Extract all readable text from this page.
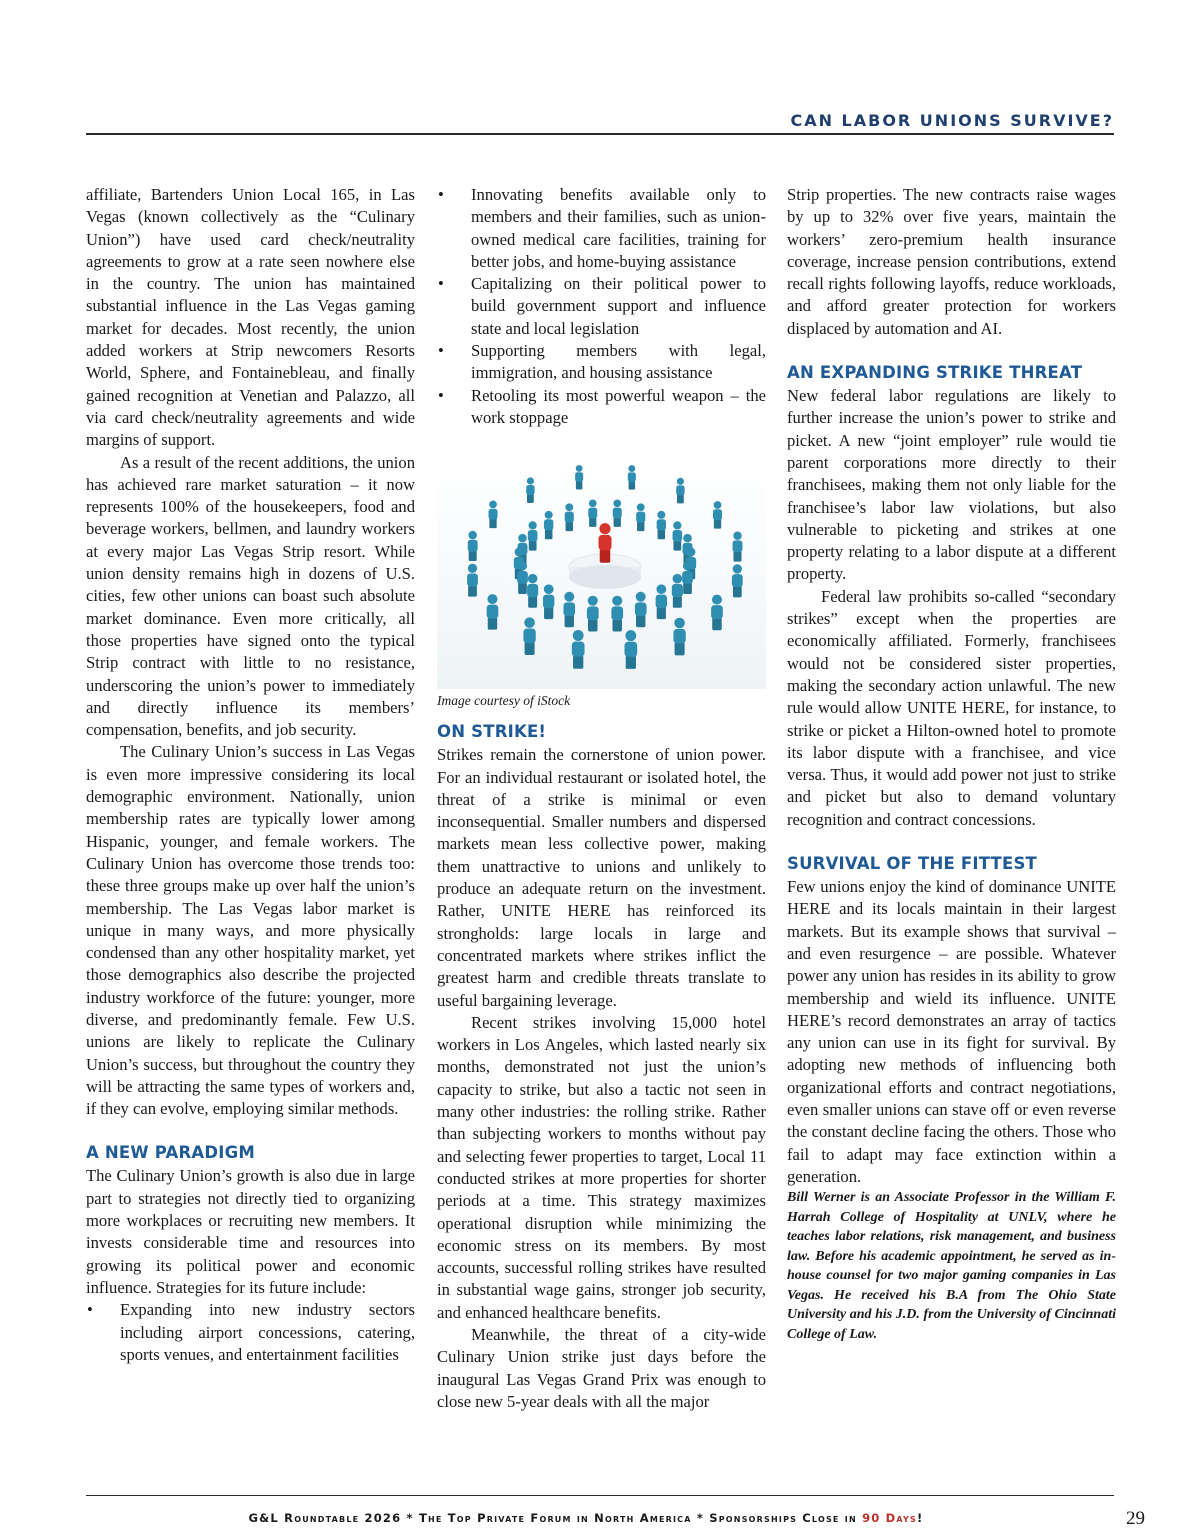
CAN LABOR UNIONS SURVIVE?

affiliate, Bartenders Union Local 165, in Las Vegas (known collectively as the “Culinary Union”) have used card check/neutrality agreements to grow at a rate seen nowhere else in the country. The union has maintained substantial influence in the Las Vegas gaming market for decades. Most recently, the union added workers at Strip newcomers Resorts World, Sphere, and Fontainebleau, and finally gained recognition at Venetian and Palazzo, all via card check/neutrality agreements and wide margins of support.

As a result of the recent additions, the union has achieved rare market saturation – it now represents 100% of the housekeepers, food and beverage workers, bellmen, and laundry workers at every major Las Vegas Strip resort. While union density remains high in dozens of U.S. cities, few other unions can boast such absolute market dominance. Even more critically, all those properties have signed onto the typical Strip contract with little to no resistance, underscoring the union’s power to immediately and directly influence its members’ compensation, benefits, and job security.

The Culinary Union’s success in Las Vegas is even more impressive considering its local demographic environment. Nationally, union membership rates are typically lower among Hispanic, younger, and female workers. The Culinary Union has overcome those trends too: these three groups make up over half the union’s membership. The Las Vegas labor market is unique in many ways, and more physically condensed than any other hospitality market, yet those demographics also describe the projected industry workforce of the future: younger, more diverse, and predominantly female. Few U.S. unions are likely to replicate the Culinary Union’s success, but throughout the country they will be attracting the same types of workers and, if they can evolve, employing similar methods.

A NEW PARADIGM

The Culinary Union’s growth is also due in large part to strategies not directly tied to organizing more workplaces or recruiting new members. It invests considerable time and resources into growing its political power and economic influence. Strategies for its future include:

• Expanding into new industry sectors including airport concessions, catering, sports venues, and entertainment facilities
• Innovating benefits available only to members and their families, such as union-owned medical care facilities, training for better jobs, and home-buying assistance
• Capitalizing on their political power to build government support and influence state and local legislation
• Supporting members with legal, immigration, and housing assistance
• Retooling its most powerful weapon – the work stoppage
Image courtesy of iStock
ON STRIKE!

Strikes remain the cornerstone of union power. For an individual restaurant or isolated hotel, the threat of a strike is minimal or even inconsequential. Smaller numbers and dispersed markets mean less collective power, making them unattractive to unions and unlikely to produce an adequate return on the investment. Rather, UNITE HERE has reinforced its strongholds: large locals in large and concentrated markets where strikes inflict the greatest harm and credible threats translate to useful bargaining leverage.

Recent strikes involving 15,000 hotel workers in Los Angeles, which lasted nearly six months, demonstrated not just the union’s capacity to strike, but also a tactic not seen in many other industries: the rolling strike. Rather than subjecting workers to months without pay and selecting fewer properties to target, Local 11 conducted strikes at more properties for shorter periods at a time. This strategy maximizes operational disruption while minimizing the economic stress on its members. By most accounts, successful rolling strikes have resulted in substantial wage gains, stronger job security, and enhanced healthcare benefits.

Meanwhile, the threat of a city-wide Culinary Union strike just days before the inaugural Las Vegas Grand Prix was enough to close new 5-year deals with all the major

Strip properties. The new contracts raise wages by up to 32% over five years, maintain the workers’ zero-premium health insurance coverage, increase pension contributions, extend recall rights following layoffs, reduce workloads, and afford greater protection for workers displaced by automation and AI.

AN EXPANDING STRIKE THREAT

New federal labor regulations are likely to further increase the union’s power to strike and picket. A new “joint employer” rule would tie parent corporations more directly to their franchisees, making them not only liable for the franchisee’s labor law violations, but also vulnerable to picketing and strikes at one property relating to a labor dispute at a different property.

Federal law prohibits so-called “secondary strikes” except when the properties are economically affiliated. Formerly, franchisees would not be considered sister properties, making the secondary action unlawful. The new rule would allow UNITE HERE, for instance, to strike or picket a Hilton-owned hotel to promote its labor dispute with a franchisee, and vice versa. Thus, it would add power not just to strike and picket but also to demand voluntary recognition and contract concessions.

SURVIVAL OF THE FITTEST

Few unions enjoy the kind of dominance UNITE HERE and its locals maintain in their largest markets. But its example shows that survival – and even resurgence – are possible. Whatever power any union has resides in its ability to grow membership and wield its influence. UNITE HERE’s record demonstrates an array of tactics any union can use in its fight for survival. By adopting new methods of influencing both organizational efforts and contract negotiations, even smaller unions can stave off or even reverse the constant decline facing the others. Those who fail to adapt may face extinction within a generation.

Bill Werner is an Associate Professor in the William F. Harrah College of Hospitality at UNLV, where he teaches labor relations, risk management, and business law. Before his academic appointment, he served as in-house counsel for two major gaming companies in Las Vegas. He received his B.A from The Ohio State University and his J.D. from the University of Cincinnati College of Law.

G&L Roundtable 2026 * The Top Private Forum in North America * Sponsorships Close in 90 Days!	29
